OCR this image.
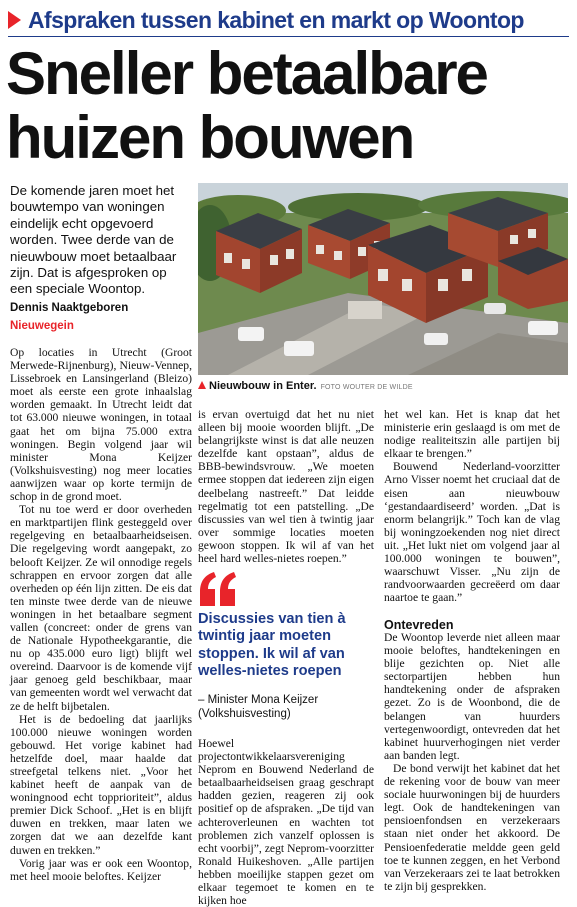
Afspraken tussen kabinet en markt op Woontop
Sneller betaalbare huizen bouwen

De komende jaren moet het bouwtempo van woningen eindelijk echt opgevoerd worden. Twee derde van de nieuwbouw moet betaalbaar zijn. Dat is afgesproken op een speciale Woontop.

Dennis Naaktgeboren
Nieuwegein
Nieuwbouw in Enter. FOTO WOUTER DE WILDE

Op locaties in Utrecht (Groot Merwede-Rijnenburg), Nieuw-Vennep, Lissebroek en Lansingerland (Bleizo) moet als eerste een grote inhaalslag worden gemaakt. In Utrecht leidt dat tot 63.000 nieuwe woningen, in totaal gaat het om bijna 75.000 extra woningen. Begin volgend jaar wil minister Mona Keijzer (Volkshuisvesting) nog meer locaties aanwijzen waar op korte termijn de schop in de grond moet.

Tot nu toe werd er door overheden en marktpartijen flink gesteggeld over regelgeving en betaalbaarheidseisen. Die regelgeving wordt aangepakt, zo belooft Keijzer. Ze wil onnodige regels schrappen en ervoor zorgen dat alle overheden op één lijn zitten. De eis dat ten minste twee derde van de nieuwe woningen in het betaalbare segment vallen (concreet: onder de grens van de Nationale Hypotheekgarantie, die nu op 435.000 euro ligt) blijft wel overeind. Daarvoor is de komende vijf jaar genoeg geld beschikbaar, maar van gemeenten wordt wel verwacht dat ze de helft bijbetalen.

Het is de bedoeling dat jaarlijks 100.000 nieuwe woningen worden gebouwd. Het vorige kabinet had hetzelfde doel, maar haalde dat streefgetal telkens niet. „Voor het kabinet heeft de aanpak van de woningnood echt topprioriteit”, aldus premier Dick Schoof. „Het is en blijft duwen en trekken, maar laten we zorgen dat we aan dezelfde kant duwen en trekken.”

Vorig jaar was er ook een Woontop, met heel mooie beloftes. Keijzer

is ervan overtuigd dat het nu niet alleen bij mooie woorden blijft. „De belangrijkste winst is dat alle neuzen dezelfde kant opstaan”, aldus de BBB-bewindsvrouw. „We moeten ermee stoppen dat iedereen zijn eigen deelbelang nastreeft.” Dat leidde regelmatig tot een patstelling. „De discussies van wel tien à twintig jaar over sommige locaties moeten gewoon stoppen. Ik wil af van het heel hard welles-nietes roepen.”

Discussies van tien à twintig jaar moeten stoppen. Ik wil af van welles-nietes roepen

– Minister Mona Keijzer
(Volkshuisvesting)

Hoewel projectontwikkelaarsvereniging Neprom en Bouwend Nederland de betaalbaarheidseisen graag geschrapt hadden gezien, reageren zij ook positief op de afspraken. „De tijd van achteroverleunen en wachten tot problemen zich vanzelf oplossen is echt voorbij”, zegt Neprom-voorzitter Ronald Huikeshoven. „Alle partijen hebben moeilijke stappen gezet om elkaar tegemoet te komen en te kijken hoe

het wel kan. Het is knap dat het ministerie erin geslaagd is om met de nodige realiteitszin alle partijen bij elkaar te brengen.”

Bouwend Nederland-voorzitter Arno Visser noemt het cruciaal dat de eisen aan nieuwbouw ‘gestandaardiseerd’ worden. „Dat is enorm belangrijk.” Toch kan de vlag bij woningzoekenden nog niet direct uit. „Het lukt niet om volgend jaar al 100.000 woningen te bouwen”, waarschuwt Visser. „Nu zijn de randvoorwaarden gecreëerd om daar naartoe te gaan.”

Ontevreden

De Woontop leverde niet alleen maar mooie beloftes, handtekeningen en blije gezichten op. Niet alle sectorpartijen hebben hun handtekening onder de afspraken gezet. Zo is de Woonbond, die de belangen van huurders vertegenwoordigt, ontevreden dat het kabinet huurverhogingen niet verder aan banden legt.

De bond verwijt het kabinet dat het de rekening voor de bouw van meer sociale huurwoningen bij de huurders legt. Ook de handtekeningen van pensioenfondsen en verzekeraars staan niet onder het akkoord. De Pensioenfederatie meldde geen geld toe te kunnen zeggen, en het Verbond van Verzekeraars zei te laat betrokken te zijn bij gesprekken.
